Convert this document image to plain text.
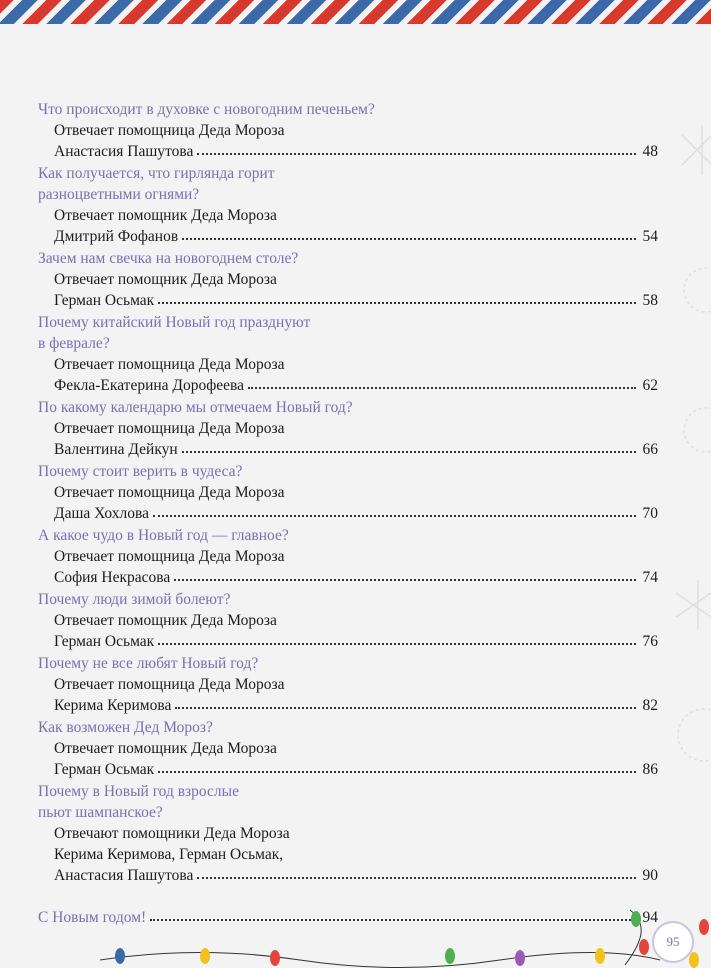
Что происходит в духовке с новогодним печеньем?

Отвечает помощница Деда Мороза

Анастасия Пашутова	48

Как получается, что гирлянда горит

разноцветными огнями?

Отвечает помощник Деда Мороза

Дмитрий Фофанов	54

Зачем нам свечка на новогоднем столе?

Отвечает помощник Деда Мороза

Герман Осьмак	58

Почему китайский Новый год празднуют

в феврале?

Отвечает помощница Деда Мороза

Фекла-Екатерина Дорофеева	62

По какому календарю мы отмечаем Новый год?

Отвечает помощница Деда Мороза

Валентина Дейкун	66

Почему стоит верить в чудеса?

Отвечает помощница Деда Мороза

Даша Хохлова	70

А какое чудо в Новый год — главное?

Отвечает помощница Деда Мороза

София Некрасова	74

Почему люди зимой болеют?

Отвечает помощник Деда Мороза

Герман Осьмак	76

Почему не все любят Новый год?

Отвечает помощница Деда Мороза

Керима Керимова	82

Как возможен Дед Мороз?

Отвечает помощник Деда Мороза

Герман Осьмак	86

Почему в Новый год взрослые

пьют шампанское?

Отвечают помощники Деда Мороза

Керима Керимова, Герман Осьмак,

Анастасия Пашутова	90
С Новым годом!	94
95
